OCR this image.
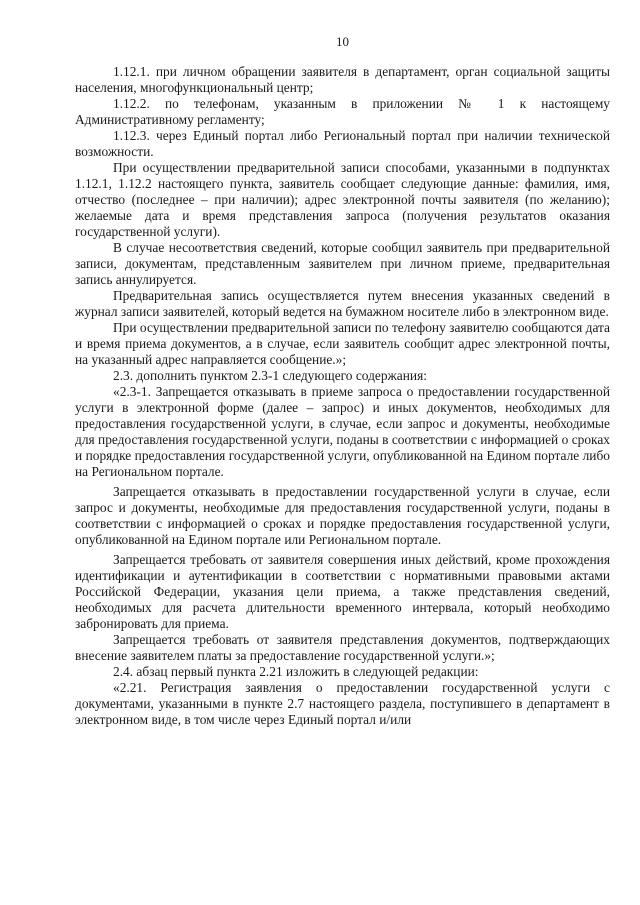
10

1.12.1. при личном обращении заявителя в департамент, орган социальной защиты населения, многофункциональный центр;

1.12.2. по телефонам, указанным в приложении № 1 к настоящему Административному регламенту;

1.12.3. через Единый портал либо Региональный портал при наличии технической возможности.

При осуществлении предварительной записи способами, указанными в подпунктах 1.12.1, 1.12.2 настоящего пункта, заявитель сообщает следующие данные: фамилия, имя, отчество (последнее – при наличии); адрес электронной почты заявителя (по желанию); желаемые дата и время представления запроса (получения результатов оказания государственной услуги).

В случае несоответствия сведений, которые сообщил заявитель при предварительной записи, документам, представленным заявителем при личном приеме, предварительная запись аннулируется.

Предварительная запись осуществляется путем внесения указанных сведений в журнал записи заявителей, который ведется на бумажном носителе либо в электронном виде.

При осуществлении предварительной записи по телефону заявителю сообщаются дата и время приема документов, а в случае, если заявитель сообщит адрес электронной почты, на указанный адрес направляется сообщение.»;

2.3. дополнить пунктом 2.3-1 следующего содержания:

«2.3-1. Запрещается отказывать в приеме запроса о предоставлении государственной услуги в электронной форме (далее – запрос) и иных документов, необходимых для предоставления государственной услуги, в случае, если запрос и документы, необходимые для предоставления государственной услуги, поданы в соответствии с информацией о сроках и порядке предоставления государственной услуги, опубликованной на Едином портале либо на Региональном портале.

Запрещается отказывать в предоставлении государственной услуги в случае, если запрос и документы, необходимые для предоставления государственной услуги, поданы в соответствии с информацией о сроках и порядке предоставления государственной услуги, опубликованной на Едином портале или Региональном портале.

Запрещается требовать от заявителя совершения иных действий, кроме прохождения идентификации и аутентификации в соответствии с нормативными правовыми актами Российской Федерации, указания цели приема, а также представления сведений, необходимых для расчета длительности временного интервала, который необходимо забронировать для приема.

Запрещается требовать от заявителя представления документов, подтверждающих внесение заявителем платы за предоставление государственной услуги.»;

2.4. абзац первый пункта 2.21 изложить в следующей редакции:

«2.21. Регистрация заявления о предоставлении государственной услуги с документами, указанными в пункте 2.7 настоящего раздела, поступившего в департамент в электронном виде, в том числе через Единый портал и/или
